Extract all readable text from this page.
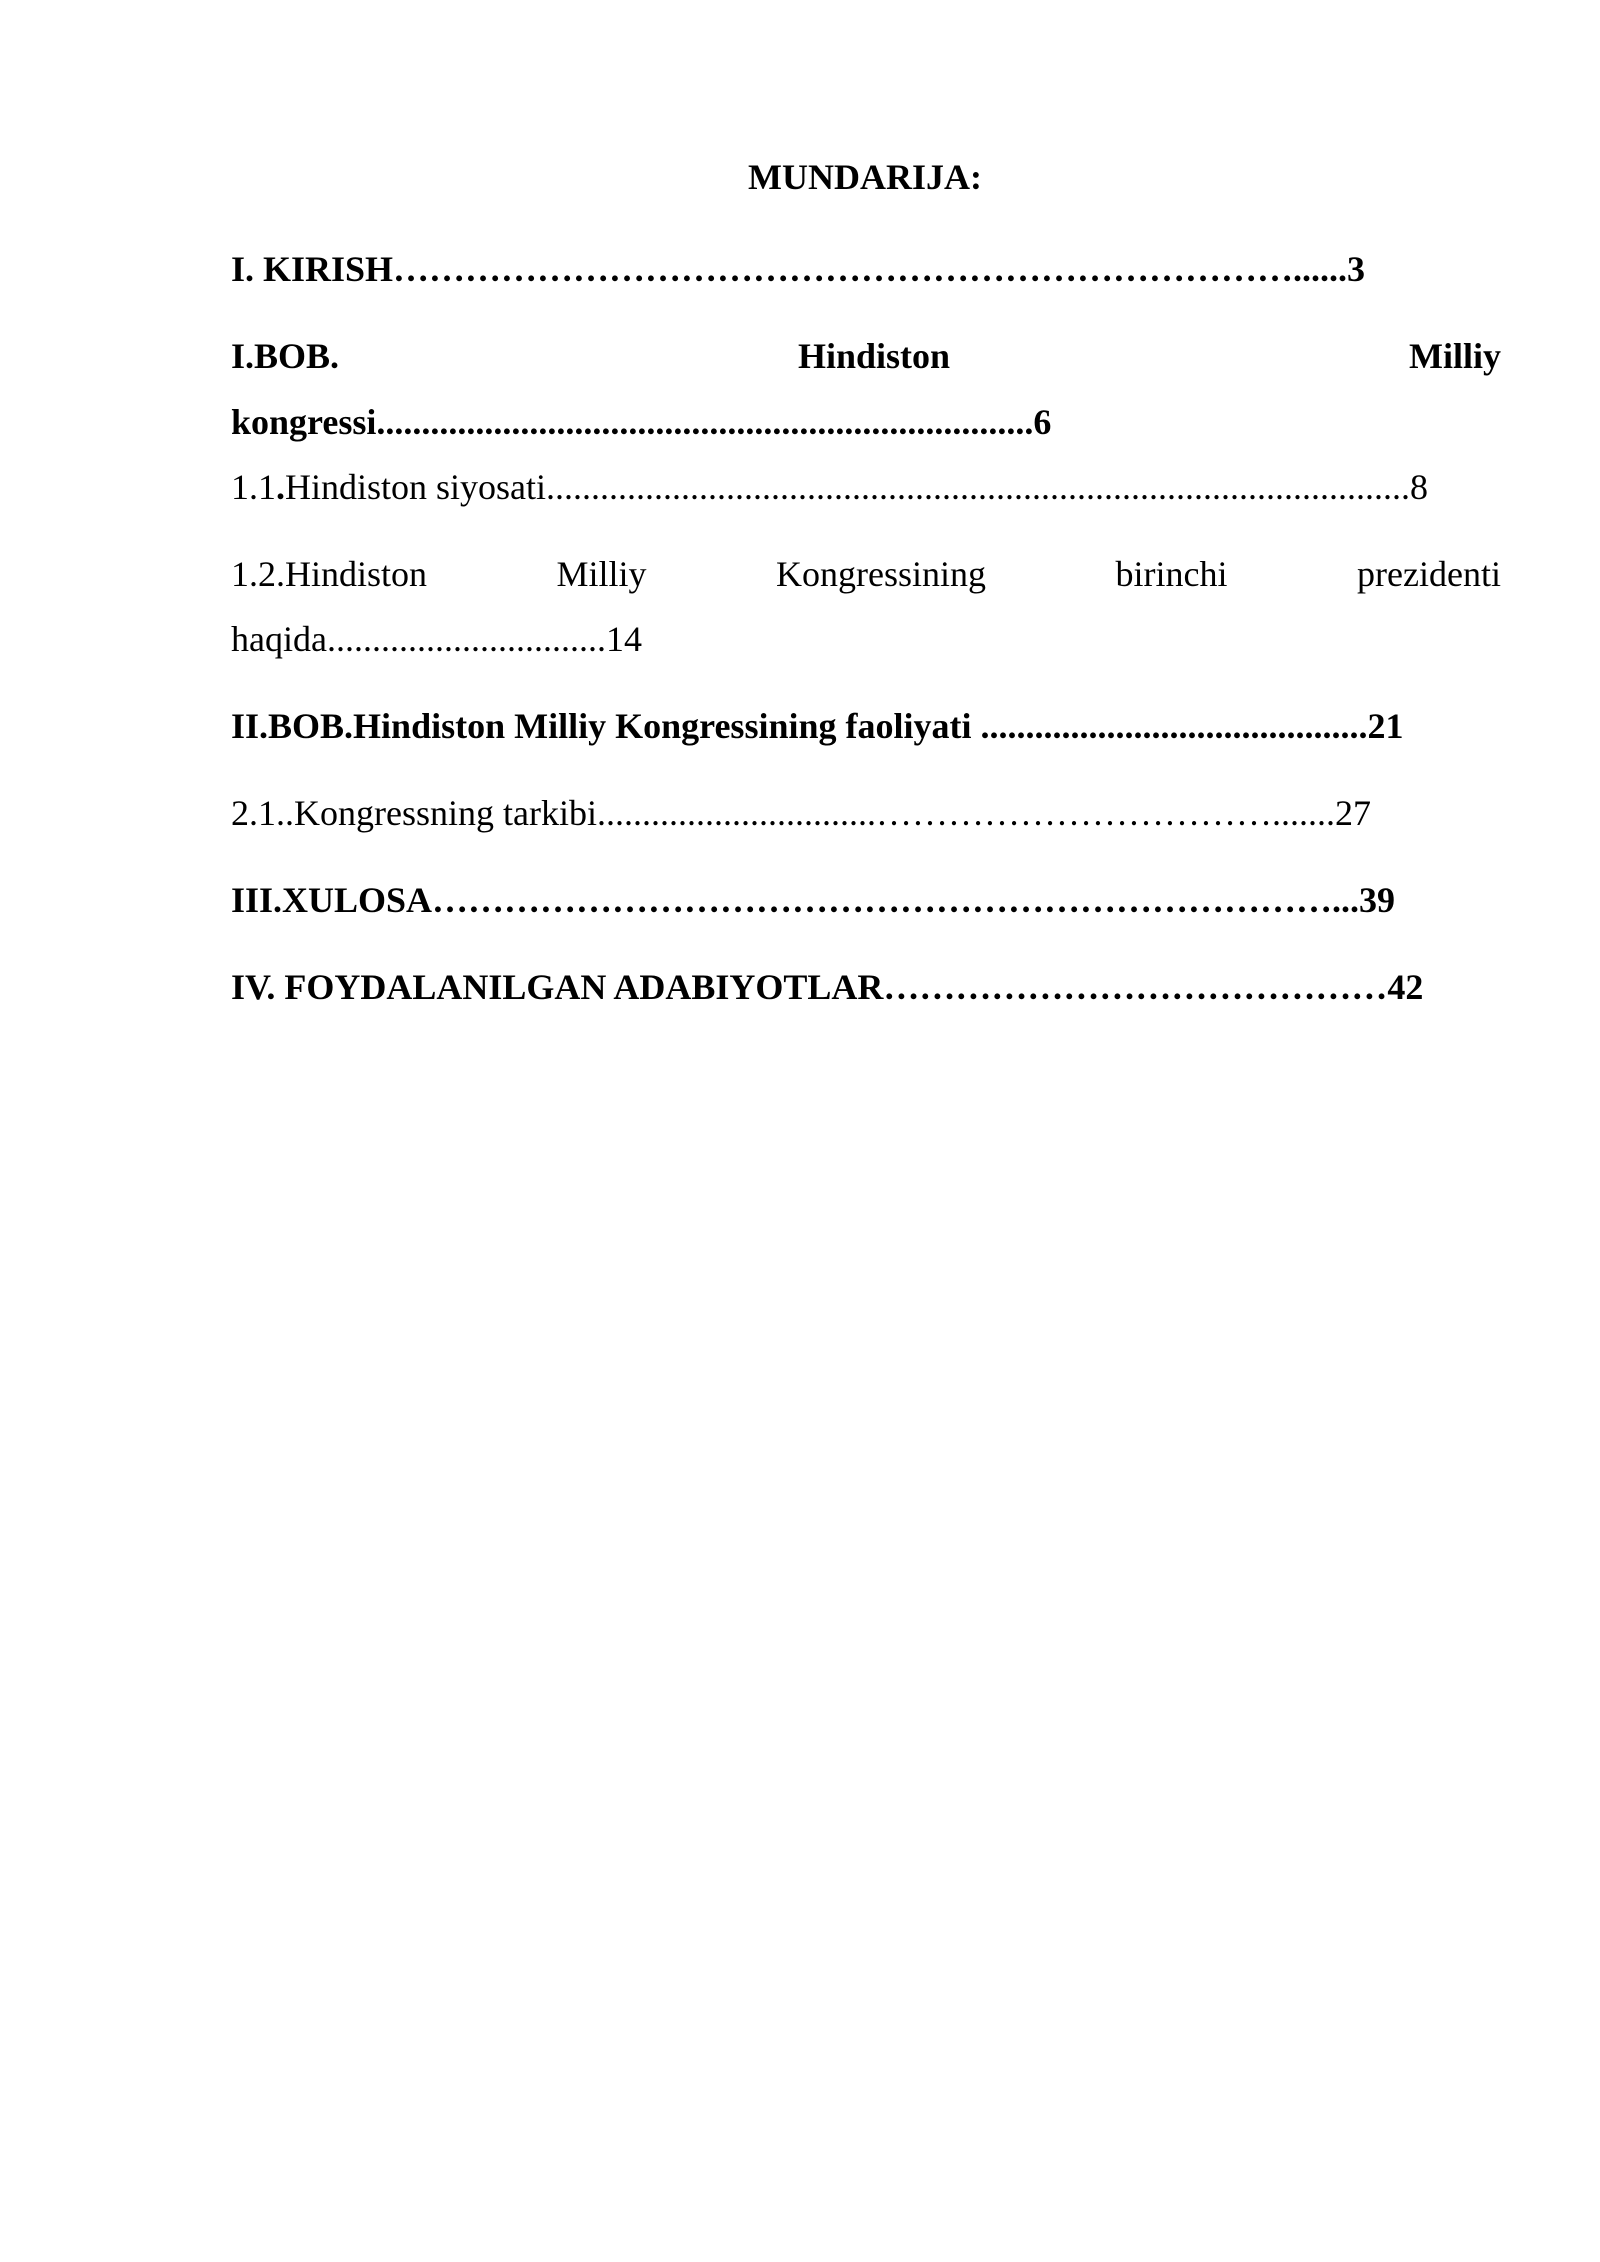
MUNDARIJA:
I. KIRISH…………………………………………………………………......3
I.BOB.	Hindiston	Milliy
kongressi.........................................................................6
1.1.Hindiston siyosati................................................................................................8
1.2.Hindiston	Milliy	Kongressining	birinchi	prezidenti
haqida...............................14
II.BOB.Hindiston Milliy Kongressining faoliyati ...........................................21
2.1..Kongressning tarkibi...............................…………………………….......27
III.XULOSA…………………………………………………………………...39
IV. FOYDALANILGAN ADABIYOTLAR……………………………………42
